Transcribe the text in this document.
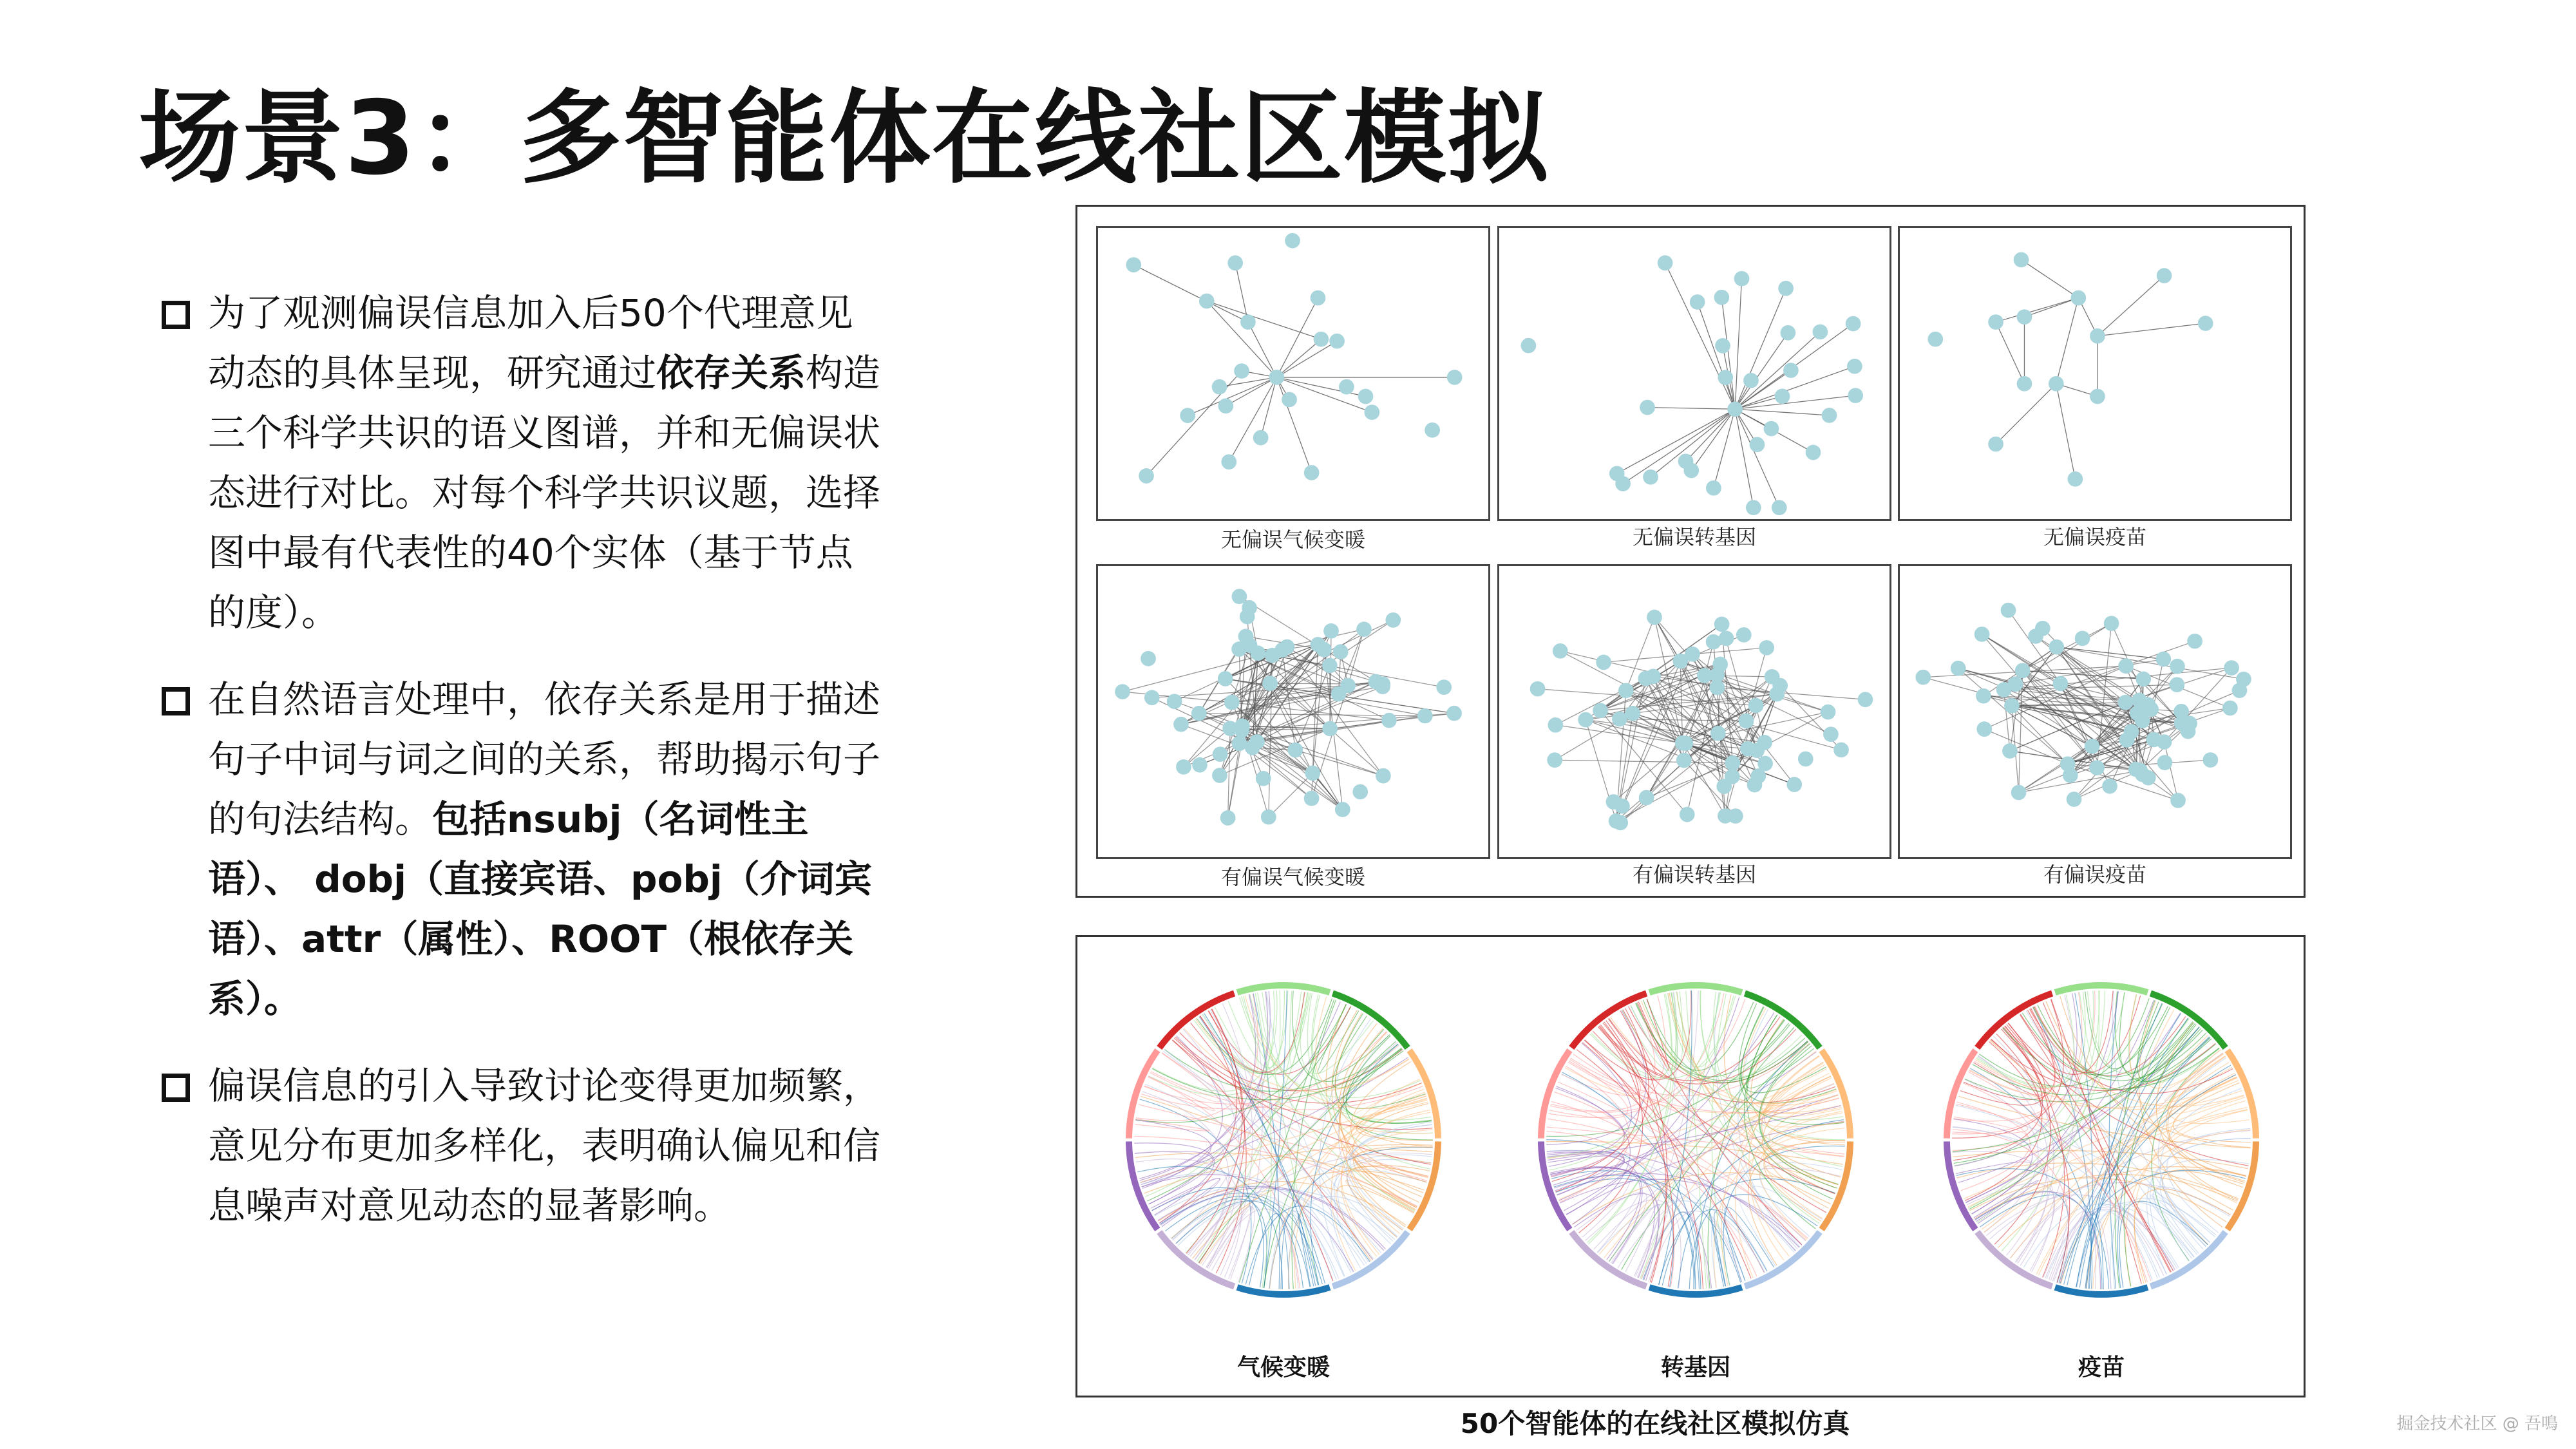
场景3：多智能体在线社区模拟
为了观测偏误信息加入后50个代理意见动态的具体呈现，研究通过依存关系构造三个科学共识的语义图谱，并和无偏误状态进行对比。对每个科学共识议题，选择图中最有代表性的40个实体（基于节点的度）。
在自然语言处理中，依存关系是用于描述句子中词与词之间的关系，帮助揭示句子的句法结构。包括nsubj（名词性主语）、 dobj（直接宾语、pobj（介词宾语）、attr（属性）、ROOT（根依存关系）。
偏误信息的引入导致讨论变得更加频繁，意见分布更加多样化，表明确认偏见和信息噪声对意见动态的显著影响。
无偏误气候变暖	无偏误转基因	无偏误疫苗
有偏误气候变暖	有偏误转基因	有偏误疫苗
气候变暖	转基因	疫苗
50个智能体的在线社区模拟仿真	掘金技术社区 @ 吾鳴
